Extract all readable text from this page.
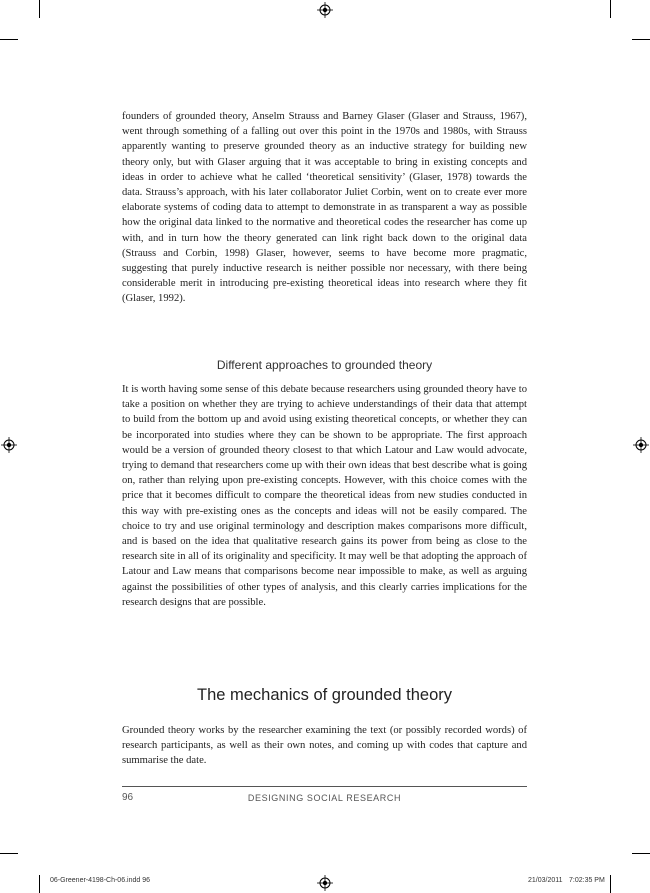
founders of grounded theory, Anselm Strauss and Barney Glaser (Glaser and Strauss, 1967), went through something of a falling out over this point in the 1970s and 1980s, with Strauss apparently wanting to preserve grounded theory as an inductive strategy for building new theory only, but with Glaser arguing that it was acceptable to bring in existing concepts and ideas in order to achieve what he called ‘theoretical sensitivity’ (Glaser, 1978) towards the data. Strauss’s approach, with his later collaborator Juliet Corbin, went on to create ever more elaborate systems of coding data to attempt to demonstrate in as transparent a way as possible how the original data linked to the normative and theoretical codes the researcher has come up with, and in turn how the theory generated can link right back down to the original data (Strauss and Corbin, 1998) Glaser, however, seems to have become more pragmatic, suggesting that purely inductive research is neither possible nor necessary, with there being considerable merit in introducing pre-existing theoretical ideas into research where they fit (Glaser, 1992).

Different approaches to grounded theory

It is worth having some sense of this debate because researchers using grounded theory have to take a position on whether they are trying to achieve understandings of their data that attempt to build from the bottom up and avoid using existing theoretical concepts, or whether they can be incorporated into studies where they can be shown to be appropriate. The first approach would be a version of grounded theory closest to that which Latour and Law would advocate, trying to demand that researchers come up with their own ideas that best describe what is going on, rather than relying upon pre-existing concepts. However, with this choice comes with the price that it becomes difficult to compare the theoretical ideas from new studies conducted in this way with pre-existing ones as the concepts and ideas will not be easily compared. The choice to try and use original terminology and description makes comparisons more difficult, and is based on the idea that qualitative research gains its power from being as close to the research site in all of its originality and specificity. It may well be that adopting the approach of Latour and Law means that comparisons become near impossible to make, as well as arguing against the possibilities of other types of analysis, and this clearly carries implications for the research designs that are possible.

The mechanics of grounded theory

Grounded theory works by the researcher examining the text (or possibly recorded words) of research participants, as well as their own notes, and coming up with codes that capture and summarise the date.

96	DESIGNING SOCIAL RESEARCH
06-Greener-4198-Ch-06.indd 96	21/03/2011 7:02:35 PM
